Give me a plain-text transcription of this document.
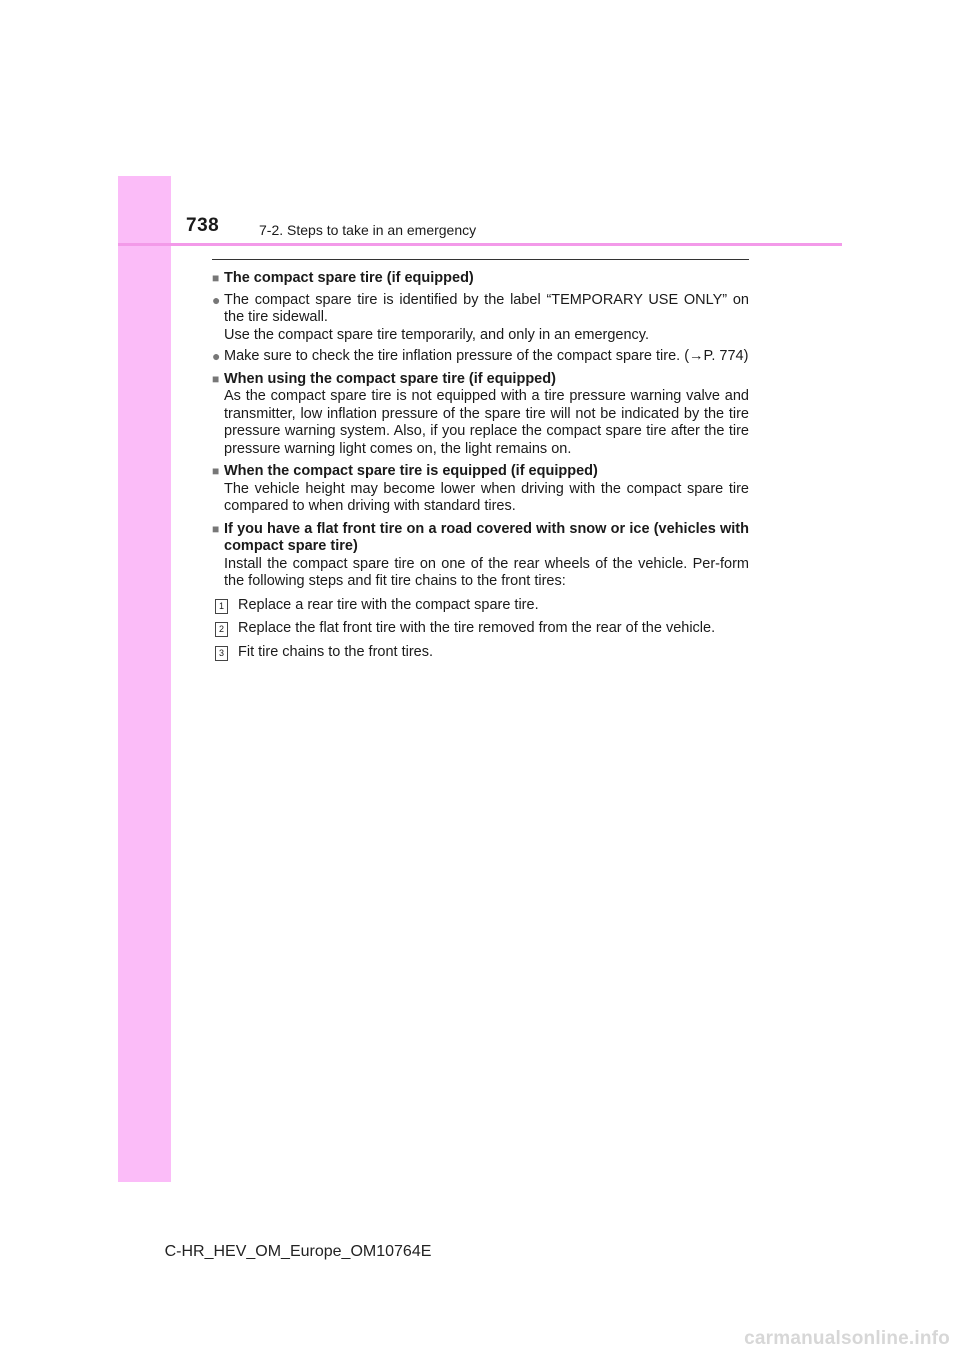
738	7-2. Steps to take in an emergency
■ The compact spare tire (if equipped)
● The compact spare tire is identified by the label “TEMPORARY USE ONLY” on the tire sidewall.
Use the compact spare tire temporarily, and only in an emergency.
● Make sure to check the tire inflation pressure of the compact spare tire. (→P. 774)
■ When using the compact spare tire (if equipped)
As the compact spare tire is not equipped with a tire pressure warning valve and transmitter, low inflation pressure of the spare tire will not be indicated by the tire pressure warning system. Also, if you replace the compact spare tire after the tire pressure warning light comes on, the light remains on.
■ When the compact spare tire is equipped (if equipped)
The vehicle height may become lower when driving with the compact spare tire compared to when driving with standard tires.
■ If you have a flat front tire on a road covered with snow or ice (vehicles with compact spare tire)
Install the compact spare tire on one of the rear wheels of the vehicle. Per-form the following steps and fit tire chains to the front tires:
1 Replace a rear tire with the compact spare tire.
2 Replace the flat front tire with the tire removed from the rear of the vehicle.
3 Fit tire chains to the front tires.
C-HR_HEV_OM_Europe_OM10764E
carmanualsonline.info
